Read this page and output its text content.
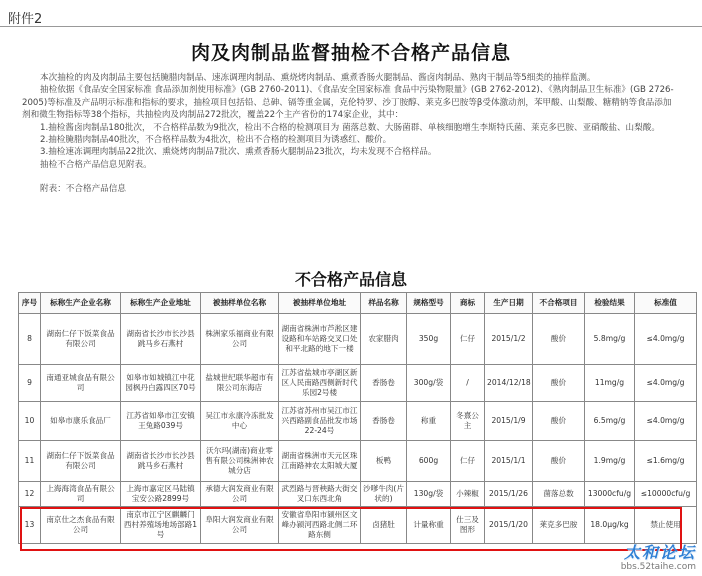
附件2
肉及肉制品监督抽检不合格产品信息

本次抽检的肉及肉制品主要包括腌腊肉制品、速冻调理肉制品、熏烧烤肉制品、熏煮香肠火腿制品、酱卤肉制品、熟肉干制品等5细类的抽样监测。

抽检依据《食品安全国家标准 食品添加剂使用标准》(GB 2760-2011)、《食品安全国家标准 食品中污染物限量》(GB 2762-2012)、《熟肉制品卫生标准》(GB 2726-2005)等标准及产品明示标准和指标的要求，抽检项目包括铅、总砷、镉等重金属，克伦特罗、沙丁胺醇、莱克多巴胺等β受体激动剂，苯甲酸、山梨酸、糖精钠等食品添加剂和微生物指标等38个指标，共抽检肉及肉制品272批次，覆盖22个主产省份的174家企业，其中：

1.抽检酱卤肉制品180批次， 不合格样品数为9批次，检出不合格的检测项目为 菌落总数、大肠菌群、单核细胞增生李斯特氏菌、莱克多巴胺、亚硝酸盐、山梨酸。

2.抽检腌腊肉制品40批次，不合格样品数为4批次，检出不合格的检测项目为诱惑红、酸价。

3.抽检速冻调理肉制品22批次、熏烧烤肉制品7批次、熏煮香肠火腿制品23批次，均未发现不合格样品。

抽检不合格产品信息见附表。

附表：不合格产品信息

不合格产品信息
序号	标称生产企业名称	标称生产企业地址	被抽样单位名称	被抽样单位地址	样品名称	规格型号	商标	生产日期	不合格项目	检验结果	标准值
8	湖南仁仔下饭菜食品有限公司	湖南省长沙市长沙县跳马乡石燕村	株洲家乐福商业有限公司	湖南省株洲市芦淞区建设路和车站路交叉口处和平北路的地下一楼	农家腊肉	350g	仁仔	2015/1/2	酸价	5.8mg/g	≤4.0mg/g
9	南通亚城食品有限公司	如皋市如城镇江中花园枫丹白露四区70号	盐城世纪联华超市有限公司东海店	江苏省盐城市亭湖区新区人民南路西侧新时代乐园2号楼	香肠卷	300g/袋	/	2014/12/18	酸价	11mg/g	≤4.0mg/g
10	如皋市康乐食品厂	江苏省如皋市江安镇王兔路039号	吴江市永康冷冻批发中心	江苏省苏州市吴江市江兴西路副食品批发市场22-24号	香肠卷	称重	冬熹公主	2015/1/9	酸价	6.5mg/g	≤4.0mg/g
11	湖南仁仔下饭菜食品有限公司	湖南省长沙市长沙县跳马乡石燕村	沃尔玛(湖南)商业零售有限公司株洲神农城分店	湖南省株洲市天元区珠江南路神农太阳城大厦	板鸭	600g	仁仔	2015/1/1	酸价	1.9mg/g	≤1.6mg/g
12	上海海湾食品有限公司	上海市嘉定区马陆镇宝安公路2899号	承德大润发商业有限公司	武烈路与晋秧路大街交叉口东西北角	沙嗲牛肉(片状的)	130g/袋	小辣椒	2015/1/26	菌落总数	13000cfu/g	≤10000cfu/g
13	南京仕之杰食品有限公司	南京市江宁区麒麟门西村养殖场地场部路1号	阜阳大润发商业有限公司	安徽省阜阳市颍州区文峰办颍河西路北侧二环路东侧	卤猪肚	计量称重	仕三及图形	2015/1/20	莱克多巴胺	18.0μg/kg	禁止使用
太和论坛
bbs.52taihe.com
